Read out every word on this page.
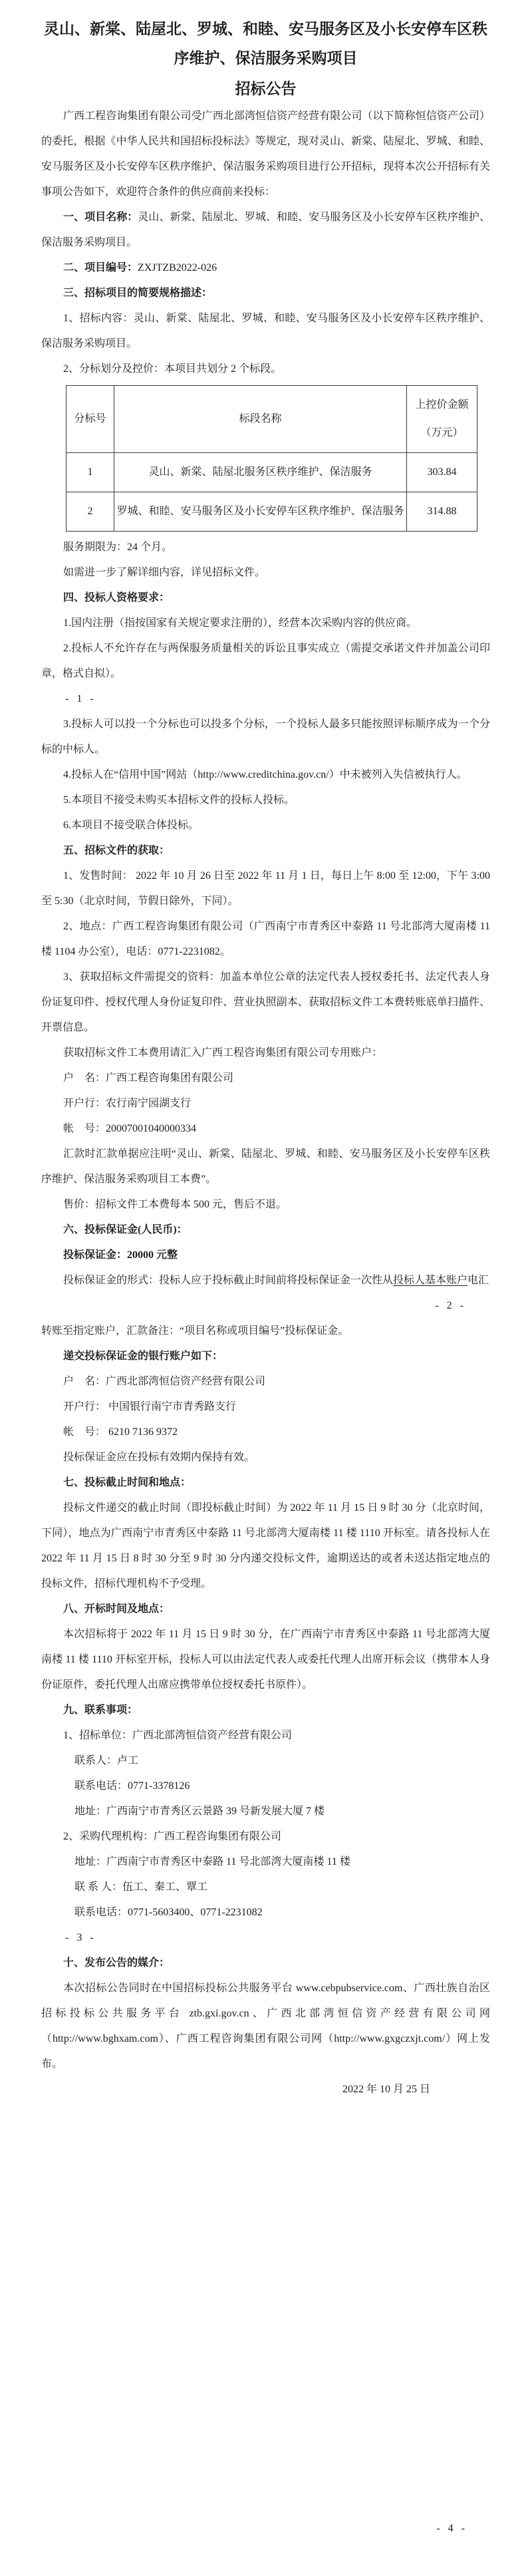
灵山、新棠、陆屋北、罗城、和睦、安马服务区及小长安停车区秩
序维护、保洁服务采购项目
招标公告

广西工程咨询集团有限公司受广西北部湾恒信资产经营有限公司（以下简称恒信资产公司）的委托，根据《中华人民共和国招标投标法》等规定，现对灵山、新棠、陆屋北、罗城、和睦、安马服务区及小长安停车区秩序维护、保洁服务采购项目进行公开招标，现将本次公开招标有关事项公告如下，欢迎符合条件的供应商前来投标：

一、项目名称：灵山、新棠、陆屋北、罗城、和睦、安马服务区及小长安停车区秩序维护、保洁服务采购项目。

二、项目编号：ZXJTZB2022-026

三、招标项目的简要规格描述：

1、招标内容：灵山、新棠、陆屋北、罗城、和睦、安马服务区及小长安停车区秩序维护、保洁服务采购项目。

2、分标划分及控价：本项目共划分 2 个标段。

分标号	标段名称	上控价金额（万元）
1	灵山、新棠、陆屋北服务区秩序维护、保洁服务	303.84
2	罗城、和睦、安马服务区及小长安停车区秩序维护、保洁服务	314.88

服务期限为：24 个月。

如需进一步了解详细内容，详见招标文件。

四、投标人资格要求：

1.国内注册（指按国家有关规定要求注册的），经营本次采购内容的供应商。

2.投标人不允许存在与两保服务质量相关的诉讼且事实成立（需提交承诺文件并加盖公司印章，格式自拟）。

- 1 -

3.投标人可以投一个分标也可以投多个分标，一个投标人最多只能按照评标顺序成为一个分标的中标人。

4.投标人在“信用中国”网站（http://www.creditchina.gov.cn/）中未被列入失信被执行人。

5.本项目不接受未购买本招标文件的投标人投标。

6.本项目不接受联合体投标。

五、招标文件的获取：

1、发售时间： 2022 年 10 月 26 日至 2022 年 11 月 1 日，每日上午 8:00 至 12:00，下午 3:00 至 5:30（北京时间，节假日除外，下同）。

2、地点：广西工程咨询集团有限公司（广西南宁市青秀区中泰路 11 号北部湾大厦南楼 11 楼 1104 办公室），电话：0771-2231082。

3、获取招标文件需提交的资料：加盖本单位公章的法定代表人授权委托书、法定代表人身份证复印件、授权代理人身份证复印件、营业执照副本、获取招标文件工本费转账底单扫描件、开票信息。

获取招标文件工本费用请汇入广西工程咨询集团有限公司专用账户：

户　名：广西工程咨询集团有限公司

开户行：农行南宁园湖支行

帐　号：20007001040000334

汇款时汇款单据应注明“灵山、新棠、陆屋北、罗城、和睦、安马服务区及小长安停车区秩序维护、保洁服务采购项目工本费”。

售价：招标文件工本费每本 500 元，售后不退。

六、投标保证金(人民币)：

投标保证金：20000 元整

投标保证金的形式：投标人应于投标截止时间前将投标保证金一次性从投标人基本账户电汇

- 2 -

转账至指定账户，汇款备注：“项目名称或项目编号”投标保证金。

递交投标保证金的银行账户如下：

户　名：广西北部湾恒信资产经营有限公司

开户行： 中国银行南宁市青秀路支行

帐　号： 6210 7136 9372

投标保证金应在投标有效期内保持有效。

七、投标截止时间和地点：

投标文件递交的截止时间（即投标截止时间）为 2022 年 11 月 15 日 9 时 30 分（北京时间，下同），地点为广西南宁市青秀区中泰路 11 号北部湾大厦南楼 11 楼 1110 开标室。请各投标人在 2022 年 11 月 15 日 8 时 30 分至 9 时 30 分内递交投标文件，逾期送达的或者未送达指定地点的投标文件，招标代理机构不予受理。

八、开标时间及地点：

本次招标将于 2022 年 11 月 15 日 9 时 30 分，在广西南宁市青秀区中泰路 11 号北部湾大厦南楼 11 楼 1110 开标室开标，投标人可以由法定代表人或委托代理人出席开标会议（携带本人身份证原件，委托代理人出席应携带单位授权委托书原件）。

九、联系事项：

1、招标单位：广西北部湾恒信资产经营有限公司

联系人：卢工

联系电话：0771-3378126

地址：广西南宁市青秀区云景路 39 号新发展大厦 7 楼

2、采购代理机构：广西工程咨询集团有限公司

地址：广西南宁市青秀区中泰路 11 号北部湾大厦南楼 11 楼

联 系 人：伍工、秦工、覃工

联系电话：0771-5603400、0771-2231082

- 3 -

十、发布公告的媒介：

本次招标公告同时在中国招标投标公共服务平台 www.cebpubservice.com、广西壮族自治区招标投标公共服务平台 ztb.gxi.gov.cn、广西北部湾恒信资产经营有限公司网（http://www.bghxam.com）、广西工程咨询集团有限公司网（http://www.gxgczxjt.com/）网上发布。

2022 年 10 月 25 日

- 4 -
